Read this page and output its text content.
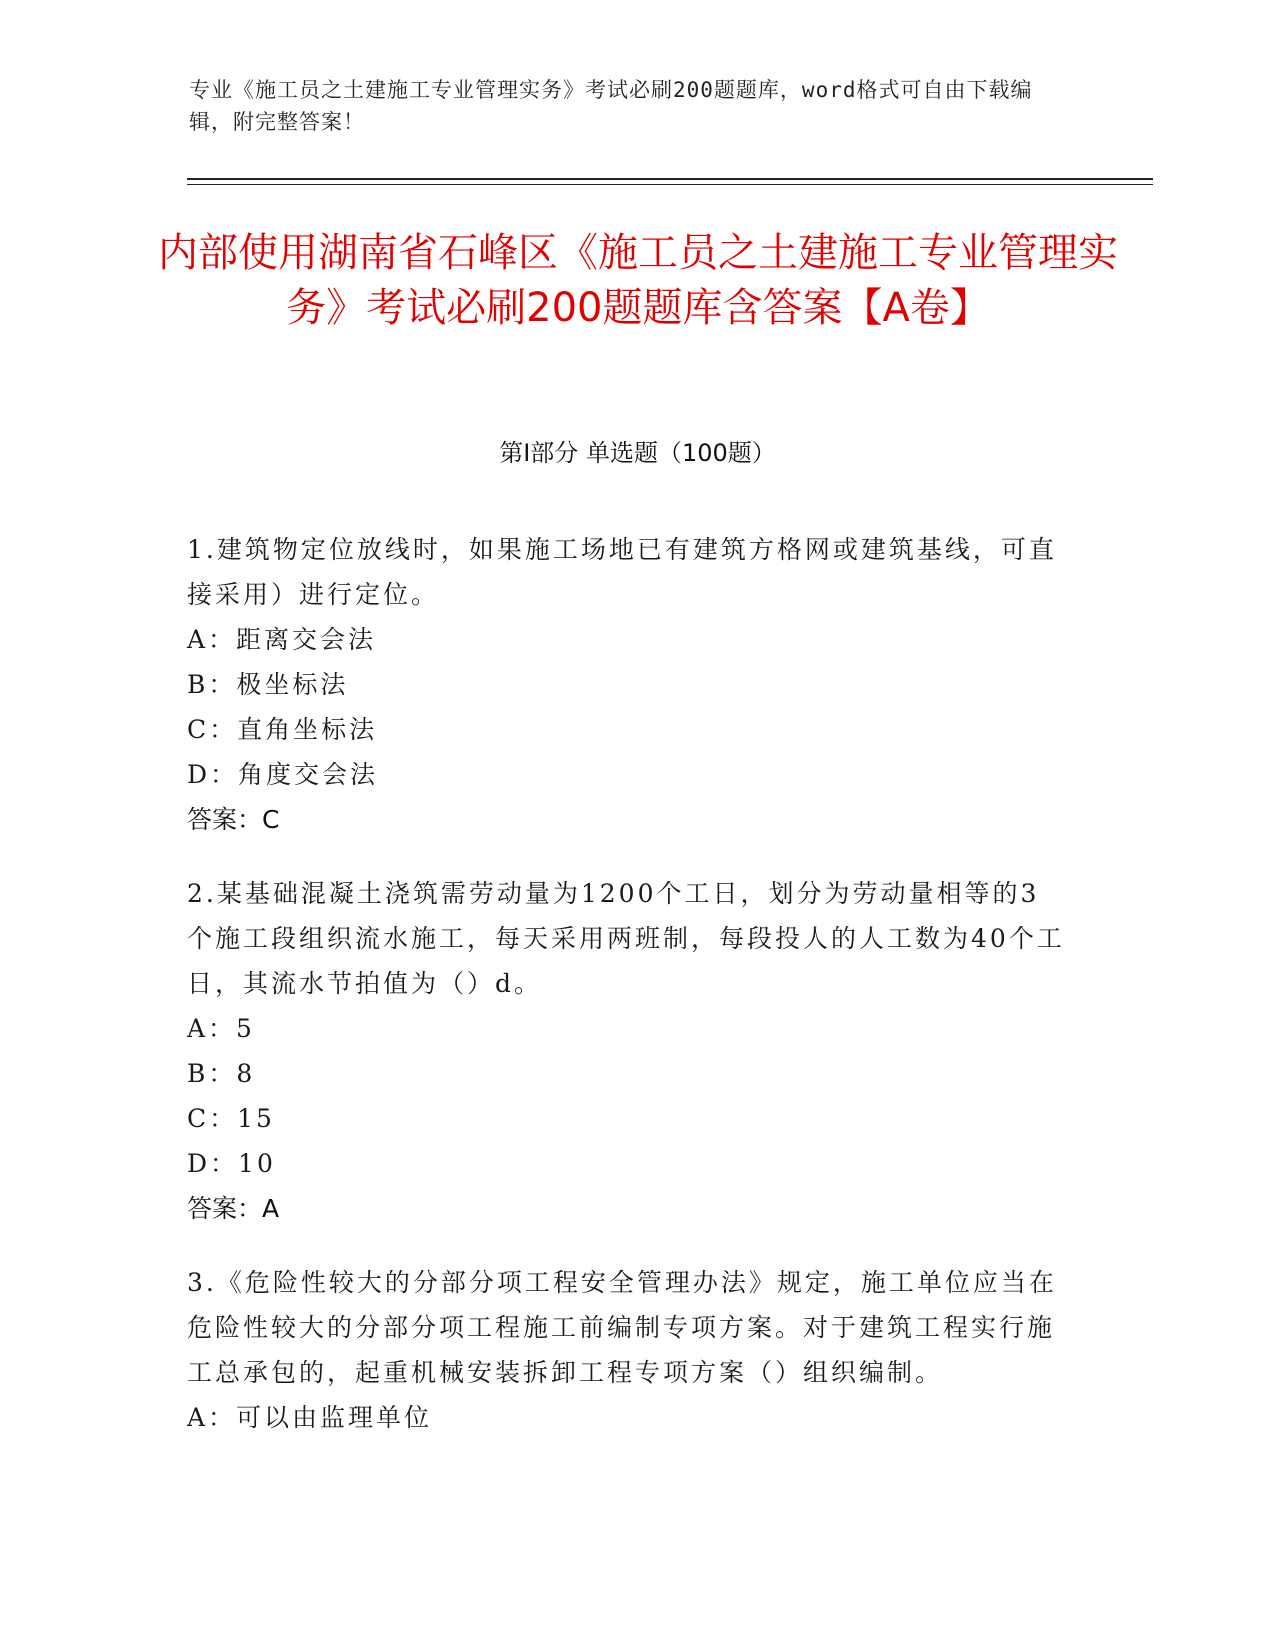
专业《施工员之土建施工专业管理实务》考试必刷200题题库，word格式可自由下载编辑，附完整答案！
内部使用湖南省石峰区《施工员之土建施工专业管理实务》考试必刷200题题库含答案【A卷】
第Ⅰ部分 单选题（100题）

1.建筑物定位放线时，如果施工场地已有建筑方格网或建筑基线，可直接采用）进行定位。

A：距离交会法

B：极坐标法

C：直角坐标法

D：角度交会法

答案：C

2.某基础混凝土浇筑需劳动量为1200个工日，划分为劳动量相等的3个施工段组织流水施工，每天采用两班制，每段投人的人工数为40个工日，其流水节拍值为（）d。

A：5

B：8

C：15

D：10

答案：A

3.《危险性较大的分部分项工程安全管理办法》规定，施工单位应当在危险性较大的分部分项工程施工前编制专项方案。对于建筑工程实行施工总承包的，起重机械安装拆卸工程专项方案（）组织编制。

A：可以由监理单位
